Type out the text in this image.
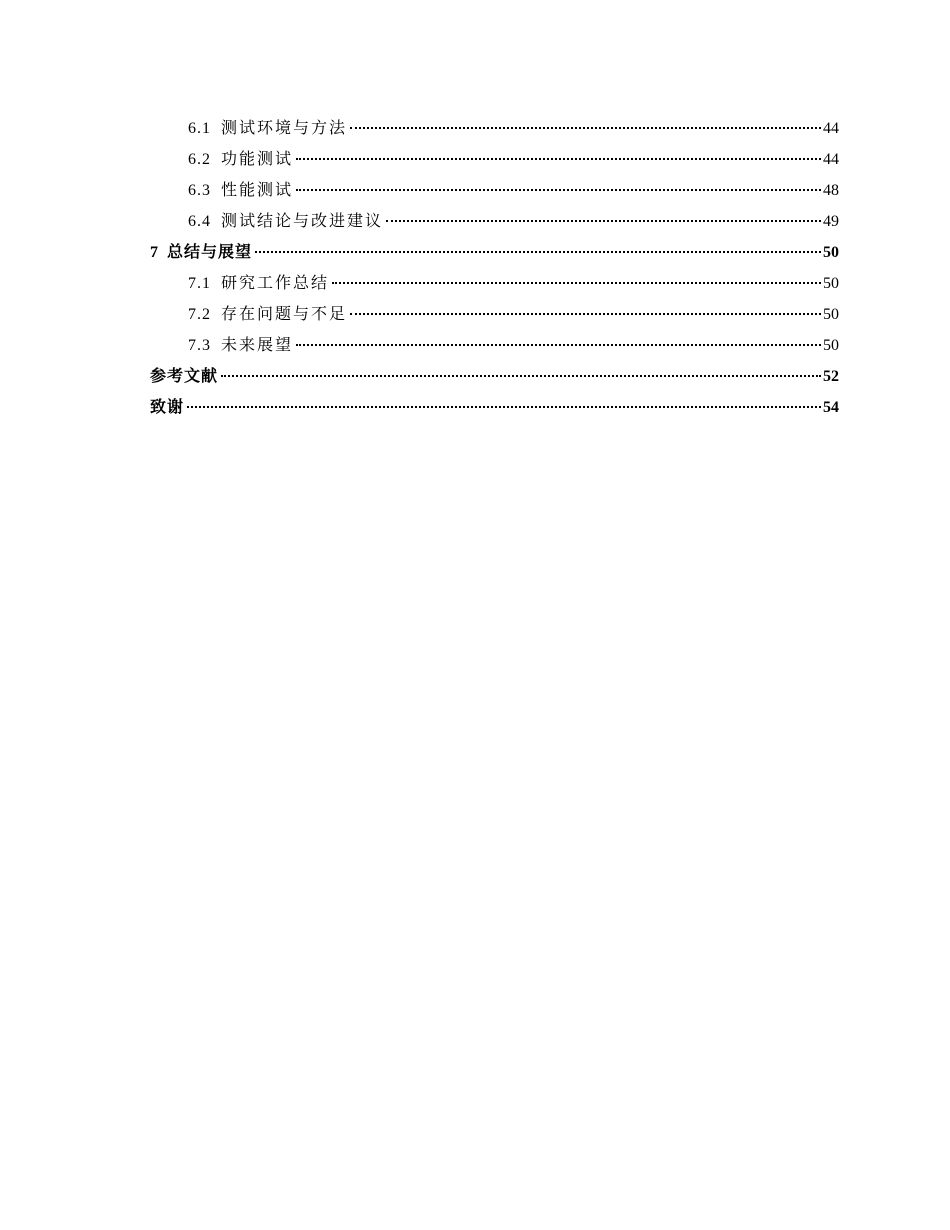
6.1 测试环境与方法	44
6.2 功能测试	44
6.3 性能测试	48
6.4 测试结论与改进建议	49
7 总结与展望	50
7.1 研究工作总结	50
7.2 存在问题与不足	50
7.3 未来展望	50
参考文献	52
致谢	54
